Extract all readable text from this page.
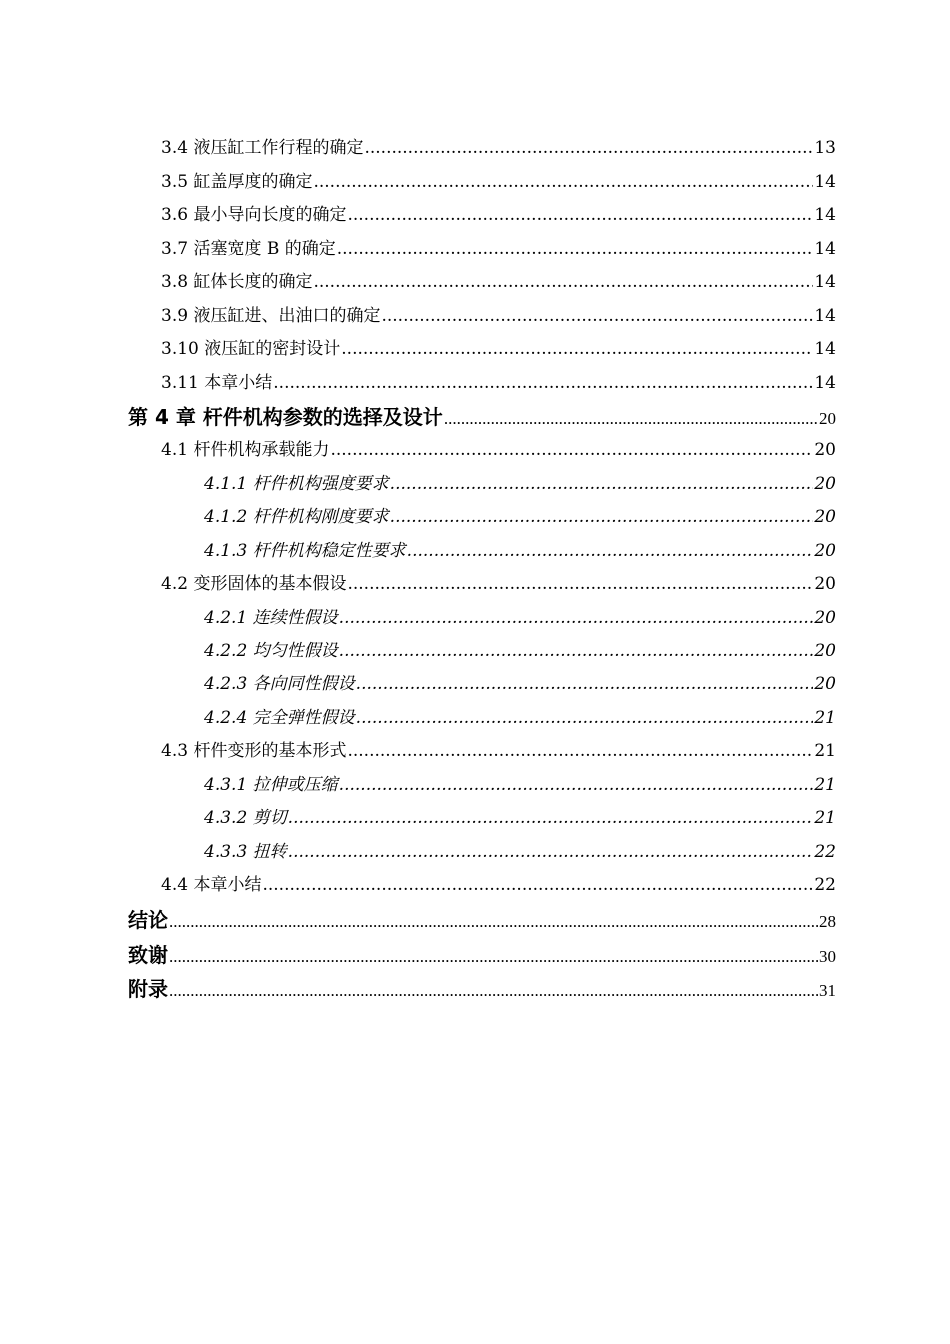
3.4 液压缸工作行程的确定 .....	13
3.5 缸盖厚度的确定 .....	14
3.6 最小导向长度的确定 .....	14
3.7 活塞宽度 B 的确定 .....	14
3.8 缸体长度的确定 .....	14
3.9 液压缸进、出油口的确定 .....	14
3.10 液压缸的密封设计 .....	14
3.11 本章小结 .....	14
第 4 章 杆件机构参数的选择及设计 .....	20
4.1 杆件机构承载能力 .....	20
4.1.1 杆件机构强度要求 .....	20
4.1.2 杆件机构刚度要求 .....	20
4.1.3 杆件机构稳定性要求 .....	20
4.2 变形固体的基本假设 .....	20
4.2.1 连续性假设 .....	20
4.2.2 均匀性假设 .....	20
4.2.3 各向同性假设 .....	20
4.2.4 完全弹性假设 .....	21
4.3 杆件变形的基本形式 .....	21
4.3.1 拉伸或压缩 .....	21
4.3.2 剪切 .....	21
4.3.3 扭转 .....	22
4.4 本章小结 .....	22
结论 .....	28
致谢 .....	30
附录 .....	31
